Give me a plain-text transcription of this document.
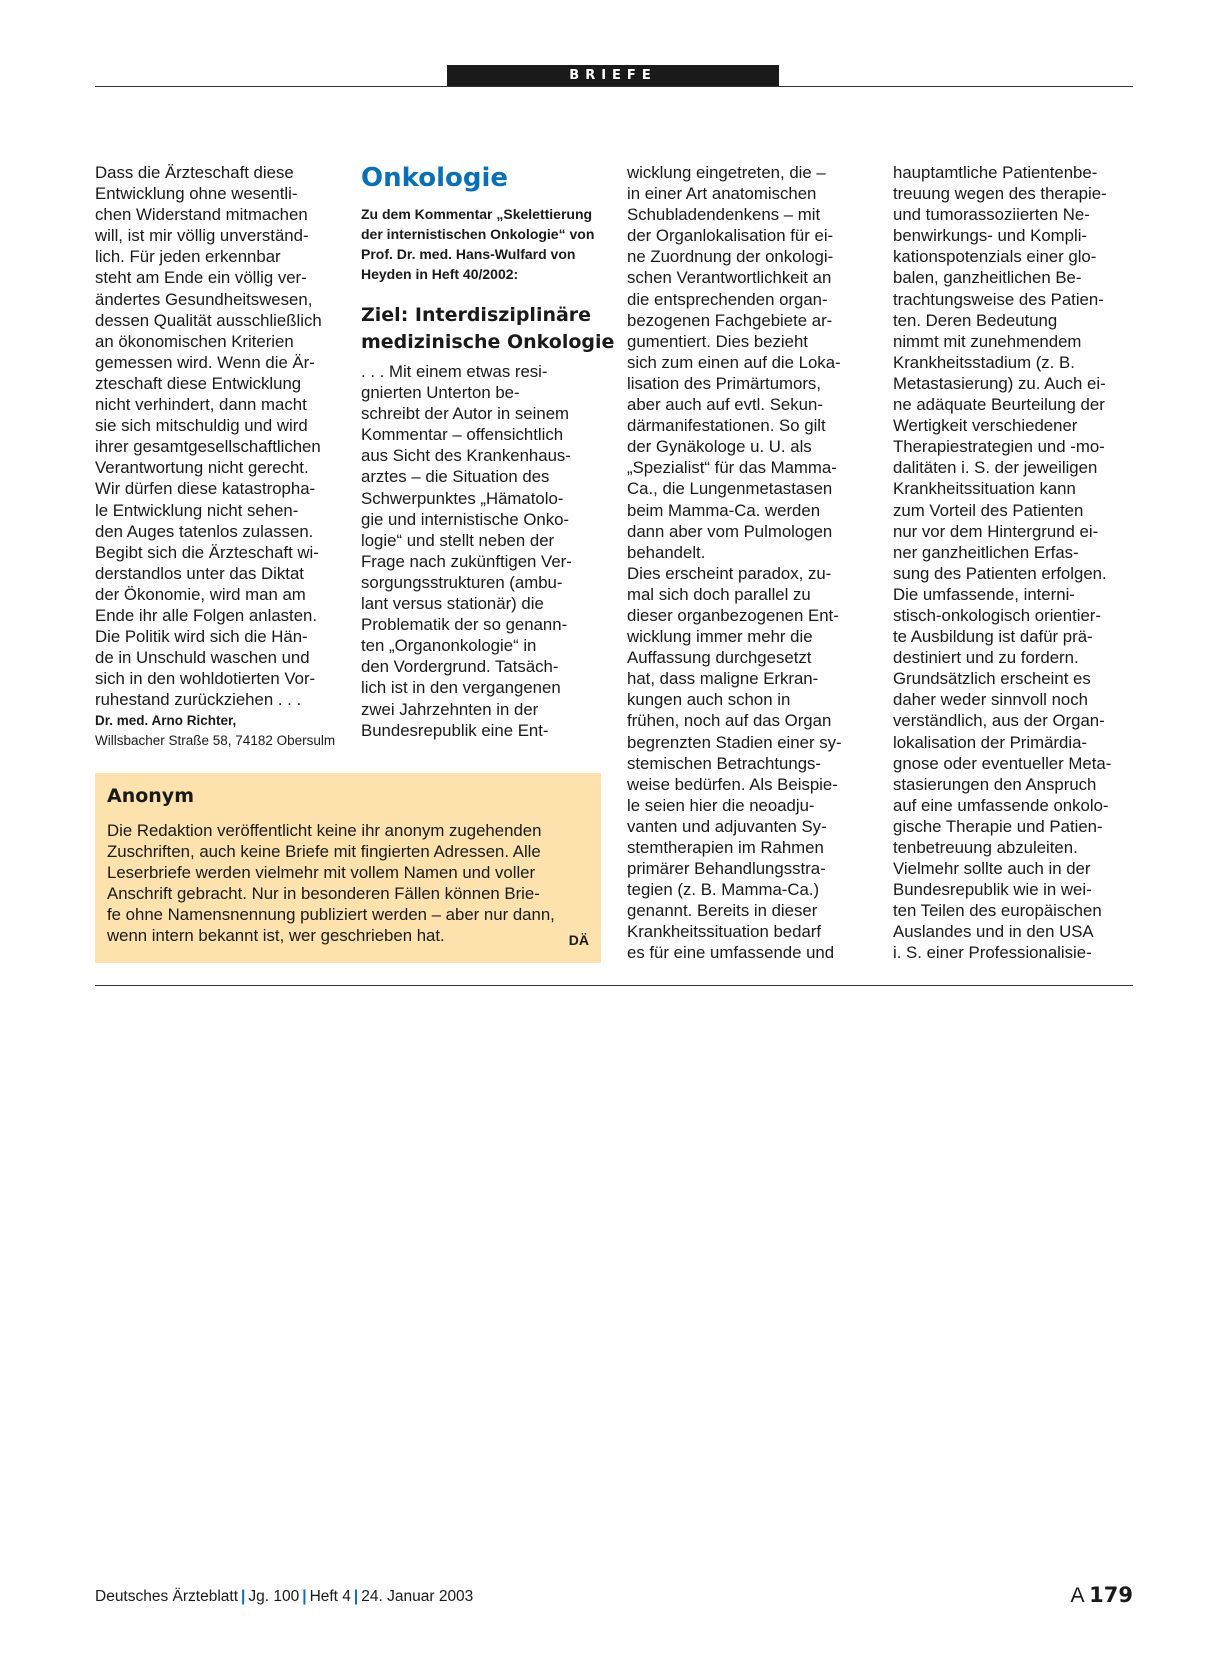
BRIEFE
Dass die Ärzteschaft diese
Entwicklung ohne wesentli-
chen Widerstand mitmachen
will, ist mir völlig unverständ-
lich. Für jeden erkennbar
steht am Ende ein völlig ver-
ändertes Gesundheitswesen,
dessen Qualität ausschließlich
an ökonomischen Kriterien
gemessen wird. Wenn die Är-
zteschaft diese Entwicklung
nicht verhindert, dann macht
sie sich mitschuldig und wird
ihrer gesamtgesellschaftlichen
Verantwortung nicht gerecht.
Wir dürfen diese katastropha-
le Entwicklung nicht sehen-
den Auges tatenlos zulassen.
Begibt sich die Ärzteschaft wi-
derstandlos unter das Diktat
der Ökonomie, wird man am
Ende ihr alle Folgen anlasten.
Die Politik wird sich die Hän-
de in Unschuld waschen und
sich in den wohldotierten Vor-
ruhestand zurückziehen . . .
Dr. med. Arno Richter,
Willsbacher Straße 58, 74182 Obersulm
Onkologie
Zu dem Kommentar „Skelettierung
der internistischen Onkologie“ von
Prof. Dr. med. Hans-Wulfard von
Heyden in Heft 40/2002:
Ziel: Interdisziplinäre
medizinische Onkologie
. . . Mit einem etwas resi-
gnierten Unterton be-
schreibt der Autor in seinem
Kommentar – offensichtlich
aus Sicht des Krankenhaus-
arztes – die Situation des
Schwerpunktes „Hämatolo-
gie und internistische Onko-
logie“ und stellt neben der
Frage nach zukünftigen Ver-
sorgungsstrukturen (ambu-
lant versus stationär) die
Problematik der so genann-
ten „Organonkologie“ in
den Vordergrund. Tatsäch-
lich ist in den vergangenen
zwei Jahrzehnten in der
Bundesrepublik eine Ent-
wicklung eingetreten, die –
in einer Art anatomischen
Schubladendenkens – mit
der Organlokalisation für ei-
ne Zuordnung der onkologi-
schen Verantwortlichkeit an
die entsprechenden organ-
bezogenen Fachgebiete ar-
gumentiert. Dies bezieht
sich zum einen auf die Loka-
lisation des Primärtumors,
aber auch auf evtl. Sekun-
därmanifestationen. So gilt
der Gynäkologe u. U. als
„Spezialist“ für das Mamma-
Ca., die Lungenmetastasen
beim Mamma-Ca. werden
dann aber vom Pulmologen
behandelt.
Dies erscheint paradox, zu-
mal sich doch parallel zu
dieser organbezogenen Ent-
wicklung immer mehr die
Auffassung durchgesetzt
hat, dass maligne Erkran-
kungen auch schon in
frühen, noch auf das Organ
begrenzten Stadien einer sy-
stemischen Betrachtungs-
weise bedürfen. Als Beispie-
le seien hier die neoadju-
vanten und adjuvanten Sy-
stemtherapien im Rahmen
primärer Behandlungsstra-
tegien (z. B. Mamma-Ca.)
genannt. Bereits in dieser
Krankheitssituation bedarf
es für eine umfassende und
hauptamtliche Patientenbe-
treuung wegen des therapie-
und tumorassoziierten Ne-
benwirkungs- und Kompli-
kationspotenzials einer glo-
balen, ganzheitlichen Be-
trachtungsweise des Patien-
ten. Deren Bedeutung
nimmt mit zunehmendem
Krankheitsstadium (z. B.
Metastasierung) zu. Auch ei-
ne adäquate Beurteilung der
Wertigkeit verschiedener
Therapiestrategien und -mo-
dalitäten i. S. der jeweiligen
Krankheitssituation kann
zum Vorteil des Patienten
nur vor dem Hintergrund ei-
ner ganzheitlichen Erfas-
sung des Patienten erfolgen.
Die umfassende, interni-
stisch-onkologisch orientier-
te Ausbildung ist dafür prä-
destiniert und zu fordern.
Grundsätzlich erscheint es
daher weder sinnvoll noch
verständlich, aus der Organ-
lokalisation der Primärdia-
gnose oder eventueller Meta-
stasierungen den Anspruch
auf eine umfassende onkolo-
gische Therapie und Patien-
tenbetreuung abzuleiten.
Vielmehr sollte auch in der
Bundesrepublik wie in wei-
ten Teilen des europäischen
Auslandes und in den USA
i. S. einer Professionalisie-
Anonym
Die Redaktion veröffentlicht keine ihr anonym zugehenden
Zuschriften, auch keine Briefe mit fingierten Adressen. Alle
Leserbriefe werden vielmehr mit vollem Namen und voller
Anschrift gebracht. Nur in besonderen Fällen können Brie-
fe ohne Namensnennung publiziert werden – aber nur dann,
wenn intern bekannt ist, wer geschrieben hat.	DÄ
Deutsches Ärzteblatt | Jg. 100 | Heft 4 | 24. Januar 2003	A 179
